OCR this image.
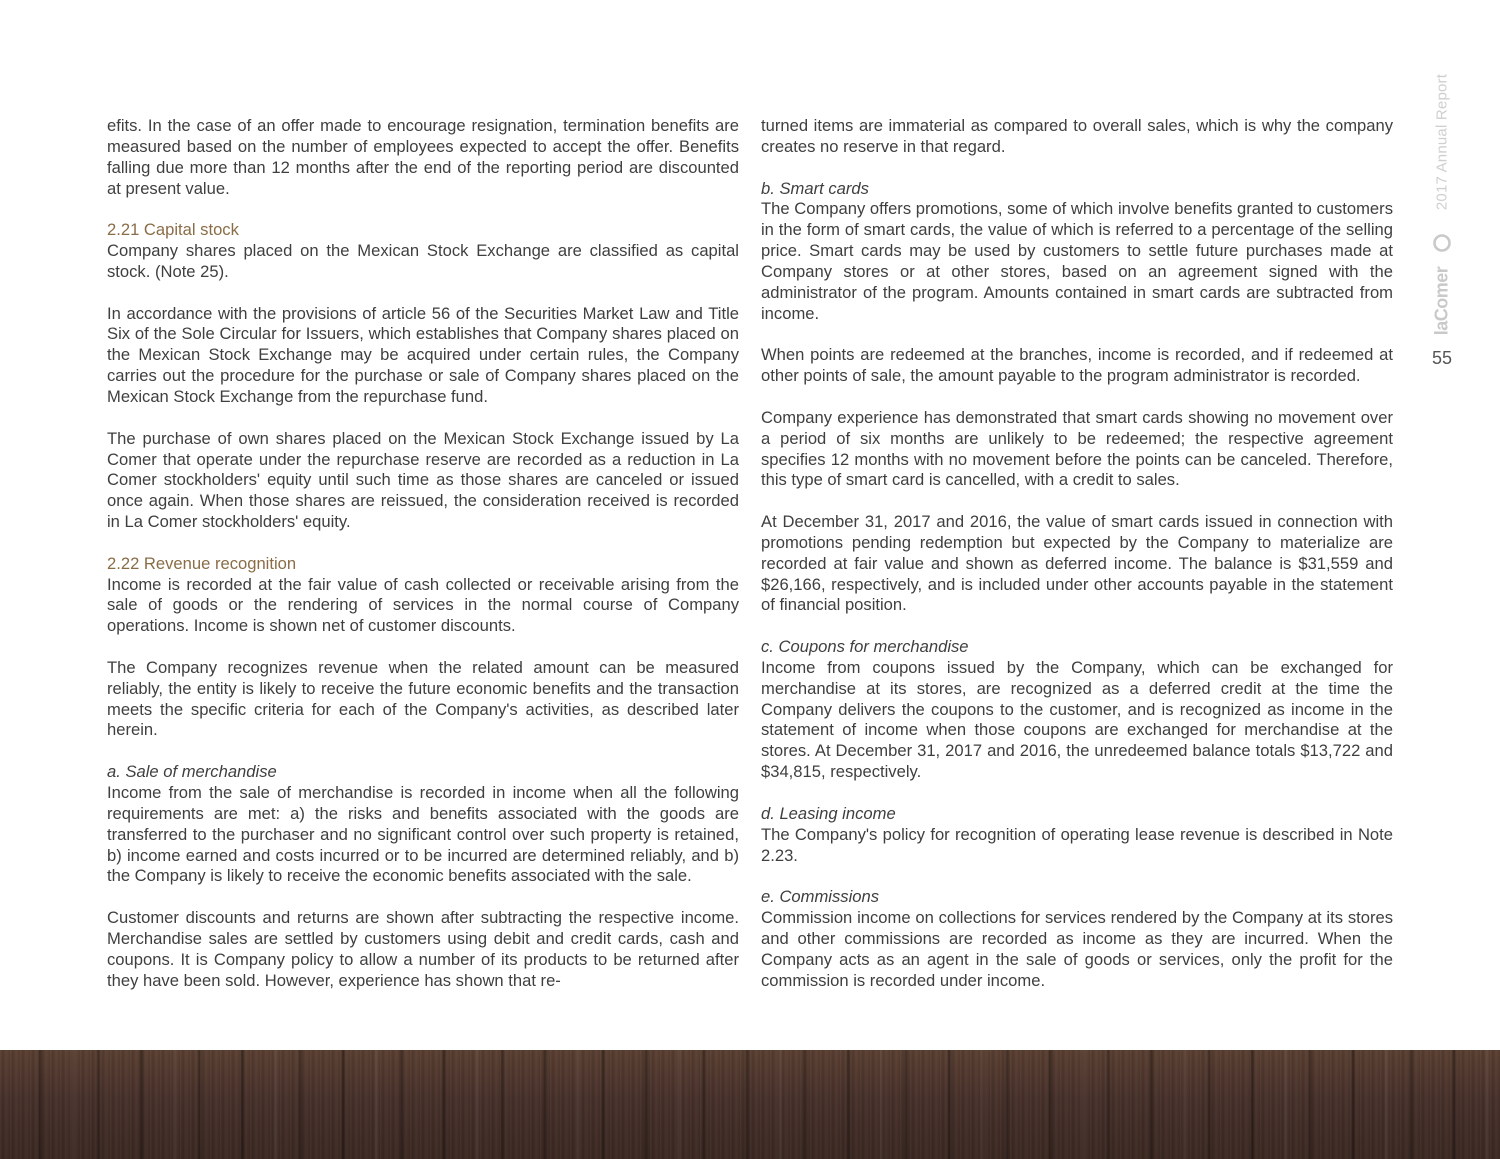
efits. In the case of an offer made to encourage resignation, termination benefits are measured based on the number of employees expected to accept the offer. Benefits falling due more than 12 months after the end of the reporting period are discounted at present value.

2.21 Capital stock

Company shares placed on the Mexican Stock Exchange are classified as capital stock. (Note 25).

In accordance with the provisions of article 56 of the Securities Market Law and Title Six of the Sole Circular for Issuers, which establishes that Company shares placed on the Mexican Stock Exchange may be acquired under certain rules, the Company carries out the procedure for the purchase or sale of Company shares placed on the Mexican Stock Exchange from the repurchase fund.

The purchase of own shares placed on the Mexican Stock Exchange issued by La Comer that operate under the repurchase reserve are recorded as a reduction in La Comer stockholders' equity until such time as those shares are canceled or issued once again. When those shares are reissued, the consideration received is recorded in La Comer stockholders' equity.

2.22 Revenue recognition

Income is recorded at the fair value of cash collected or receivable arising from the sale of goods or the rendering of services in the normal course of Company operations. Income is shown net of customer discounts.

The Company recognizes revenue when the related amount can be measured reliably, the entity is likely to receive the future economic benefits and the transaction meets the specific criteria for each of the Company's activities, as described later herein.

a. Sale of merchandise

Income from the sale of merchandise is recorded in income when all the following requirements are met: a) the risks and benefits associated with the goods are transferred to the purchaser and no significant control over such property is retained, b) income earned and costs incurred or to be incurred are determined reliably, and b) the Company is likely to receive the economic benefits associated with the sale.

Customer discounts and returns are shown after subtracting the respective income. Merchandise sales are settled by customers using debit and credit cards, cash and coupons. It is Company policy to allow a number of its products to be returned after they have been sold. However, experience has shown that re-

turned items are immaterial as compared to overall sales, which is why the company creates no reserve in that regard.

b. Smart cards

The Company offers promotions, some of which involve benefits granted to customers in the form of smart cards, the value of which is referred to a percentage of the selling price. Smart cards may be used by customers to settle future purchases made at Company stores or at other stores, based on an agreement signed with the administrator of the program. Amounts contained in smart cards are subtracted from income.

When points are redeemed at the branches, income is recorded, and if redeemed at other points of sale, the amount payable to the program administrator is recorded.

Company experience has demonstrated that smart cards showing no movement over a period of six months are unlikely to be redeemed; the respective agreement specifies 12 months with no movement before the points can be canceled. Therefore, this type of smart card is cancelled, with a credit to sales.

At December 31, 2017 and 2016, the value of smart cards issued in connection with promotions pending redemption but expected by the Company to materialize are recorded at fair value and shown as deferred income. The balance is $31,559 and $26,166, respectively, and is included under other accounts payable in the statement of financial position.

c. Coupons for merchandise

Income from coupons issued by the Company, which can be exchanged for merchandise at its stores, are recognized as a deferred credit at the time the Company delivers the coupons to the customer, and is recognized as income in the statement of income when those coupons are exchanged for merchandise at the stores. At December 31, 2017 and 2016, the unredeemed balance totals $13,722 and $34,815, respectively.

d. Leasing income

The Company's policy for recognition of operating lease revenue is described in Note 2.23.

e. Commissions

Commission income on collections for services rendered by the Company at its stores and other commissions are recorded as income as they are incurred. When the Company acts as an agent in the sale of goods or services, only the profit for the commission is recorded under income.

2017 Annual Report
laComer
55
